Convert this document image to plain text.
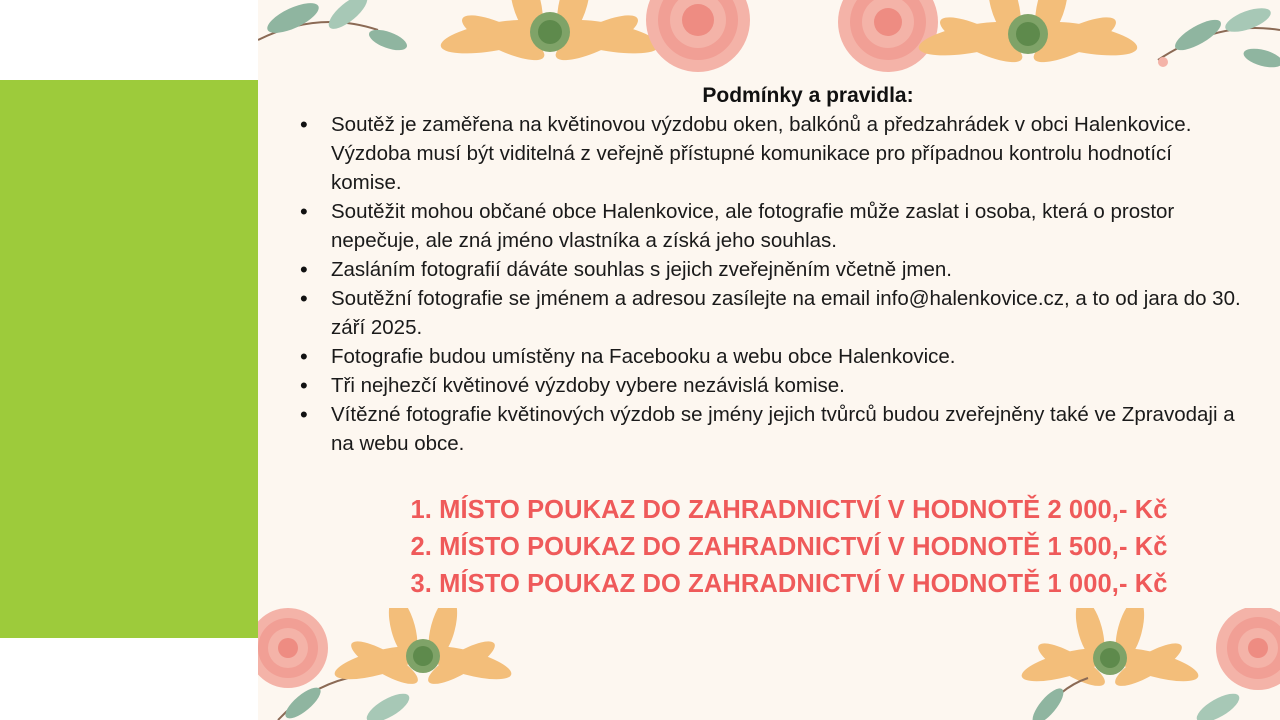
Podmínky a pravidla:
• Soutěž je zaměřena na květinovou výzdobu oken, balkónů a předzahrádek v obci Halenkovice. Výzdoba musí být viditelná z veřejně přístupné komunikace pro případnou kontrolu hodnotící komise.
• Soutěžit mohou občané obce Halenkovice, ale fotografie může zaslat i osoba, která o prostor nepečuje, ale zná jméno vlastníka a získá jeho souhlas.
• Zasláním fotografií dáváte souhlas s jejich zveřejněním včetně jmen.
• Soutěžní fotografie se jménem a adresou zasílejte na email info@halenkovice.cz, a to od jara do 30. září 2025.
• Fotografie budou umístěny na Facebooku a webu obce Halenkovice.
• Tři nejhezčí květinové výzdoby vybere nezávislá komise.
• Vítězné fotografie květinových výzdob se jmény jejich tvůrců budou zveřejněny také ve Zpravodaji a na webu obce.
1. MÍSTO POUKAZ DO ZAHRADNICTVÍ V HODNOTĚ 2 000,- Kč
2. MÍSTO POUKAZ DO ZAHRADNICTVÍ V HODNOTĚ 1 500,- Kč
3. MÍSTO POUKAZ DO ZAHRADNICTVÍ V HODNOTĚ 1 000,- Kč
